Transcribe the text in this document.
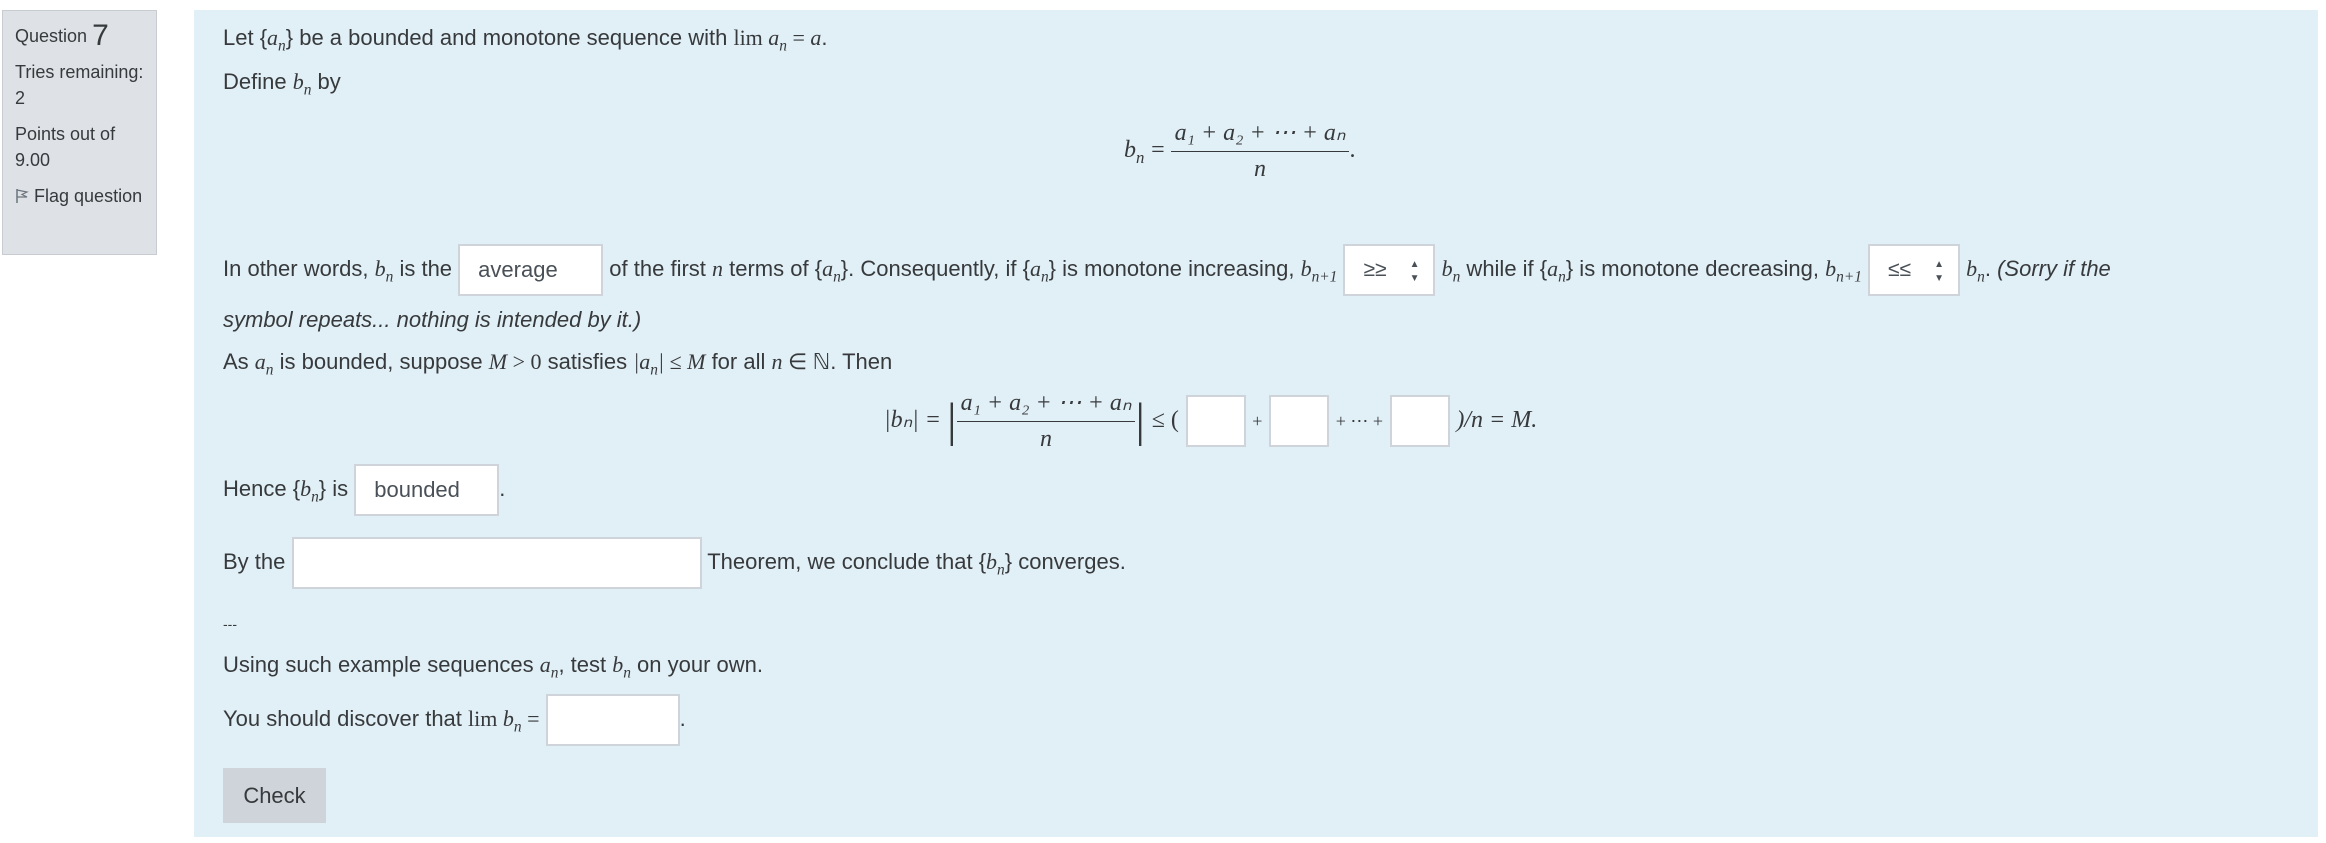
Question 7
Tries remaining:
2
Points out of
9.00
Flag question
Let $\{a_n\}$ be a bounded and monotone sequence with $\lim a_n = a$.
Define $b_n$ by
$b_n = \frac{\text{a₁ + a₂ + ⋯ + aₙ}}{n}$ .
In other words, $b_n$ is the average of the first n terms of $\{a_n\}$. Consequently, if $\{a_n\}$ is monotone increasing, $b_{n+1}$ ≥≥ ▲
▼ $b_n$ while if $\{a_n\}$ is monotone decreasing, $b_{n+1}$ ≤≤ ▲
▼ $b_n$. (Sorry if the
symbol repeats... nothing is intended by it.)
As $a_n$ is bounded, suppose M > 0 satisfies $|a_n| \le M$ for all n ∈ ℕ. Then
|bₙ| = | $\frac{\text{a₁ + a₂ + ⋯ + aₙ}}{n}$ | ≤ (	+	+ ⋯ +	)/n = M.
Hence $\{b_n\}$ is bounded .
By the	Theorem, we conclude that $\{b_n\}$ converges.
---
Using such example sequences $a_n$, test $b_n$ on your own.
You should discover that $\lim b_n$ =	.
Check
